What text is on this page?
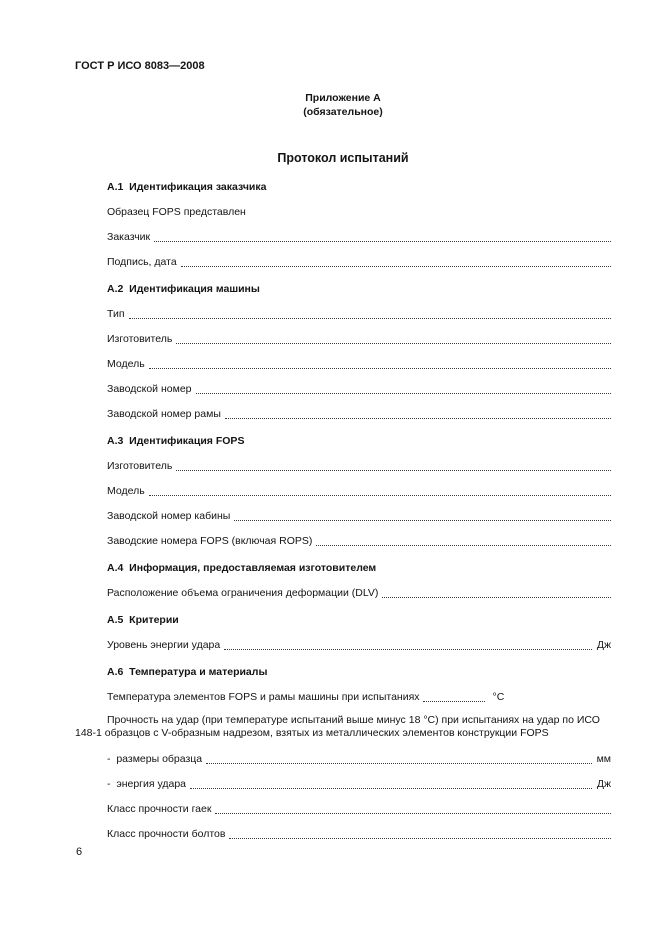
ГОСТ Р ИСО 8083—2008
Приложение А
(обязательное)
Протокол испытаний
А.1  Идентификация заказчика
Образец FOPS представлен
Заказчик
Подпись, дата
А.2  Идентификация машины
Тип
Изготовитель
Модель
Заводской номер
Заводской номер рамы
А.3  Идентификация FOPS
Изготовитель
Модель
Заводской номер кабины
Заводские номера FOPS (включая ROPS)
А.4  Информация, предоставляемая изготовителем
Расположение объема ограничения деформации (DLV)
А.5  Критерии
Уровень энергии удара	Дж
А.6  Температура и материалы
Температура элементов FOPS и рамы машины при испытаниях	°С

Прочность на удар (при температуре испытаний выше минус 18 °С) при испытаниях на удар по ИСО 148-1 образцов с V-образным надрезом, взятых из металлических элементов конструкции FOPS

-  размеры образца	мм
-  энергия удара	Дж
Класс прочности гаек
Класс прочности болтов
6
